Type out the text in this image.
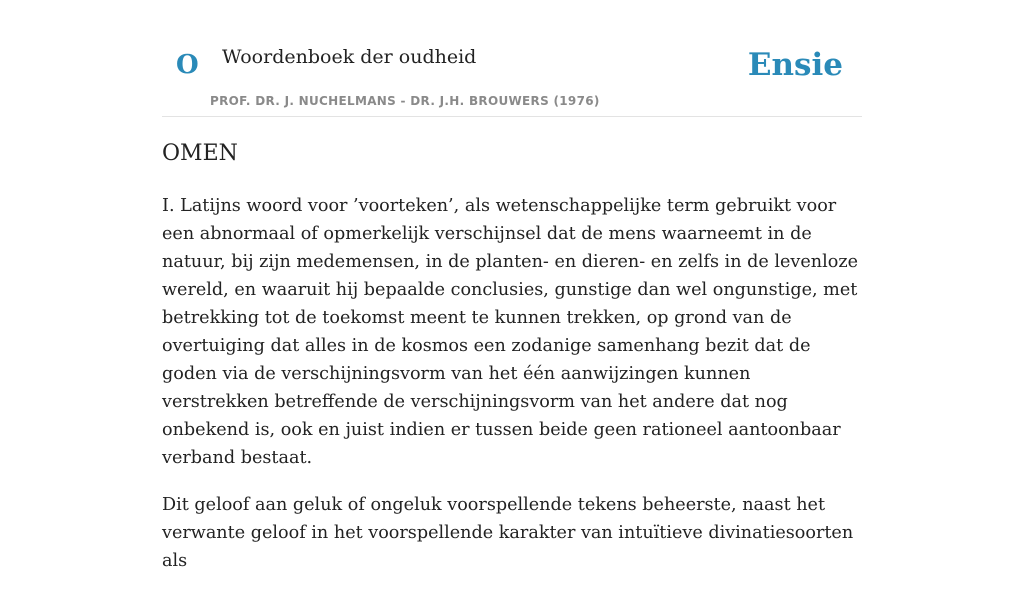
O Woordenboek der oudheid
PROF. DR. J. NUCHELMANS - DR. J.H. BROUWERS (1976)
Ensie
OMEN

I. Latijns woord voor ’voorteken’, als wetenschappelijke term gebruikt voor een abnormaal of opmerkelijk verschijnsel dat de mens waarneemt in de natuur, bij zijn medemensen, in de planten- en dieren- en zelfs in de levenloze wereld, en waaruit hij bepaalde conclusies, gunstige dan wel ongunstige, met betrekking tot de toekomst meent te kunnen trekken, op grond van de overtuiging dat alles in de kosmos een zodanige samenhang bezit dat de goden via de verschijningsvorm van het één aanwijzingen kunnen verstrekken betreffende de verschijningsvorm van het andere dat nog onbekend is, ook en juist indien er tussen beide geen rationeel aantoonbaar verband bestaat.

Dit geloof aan geluk of ongeluk voorspellende tekens beheerste, naast het verwante geloof in het voorspellende karakter van intuïtieve divinatiesoorten als
